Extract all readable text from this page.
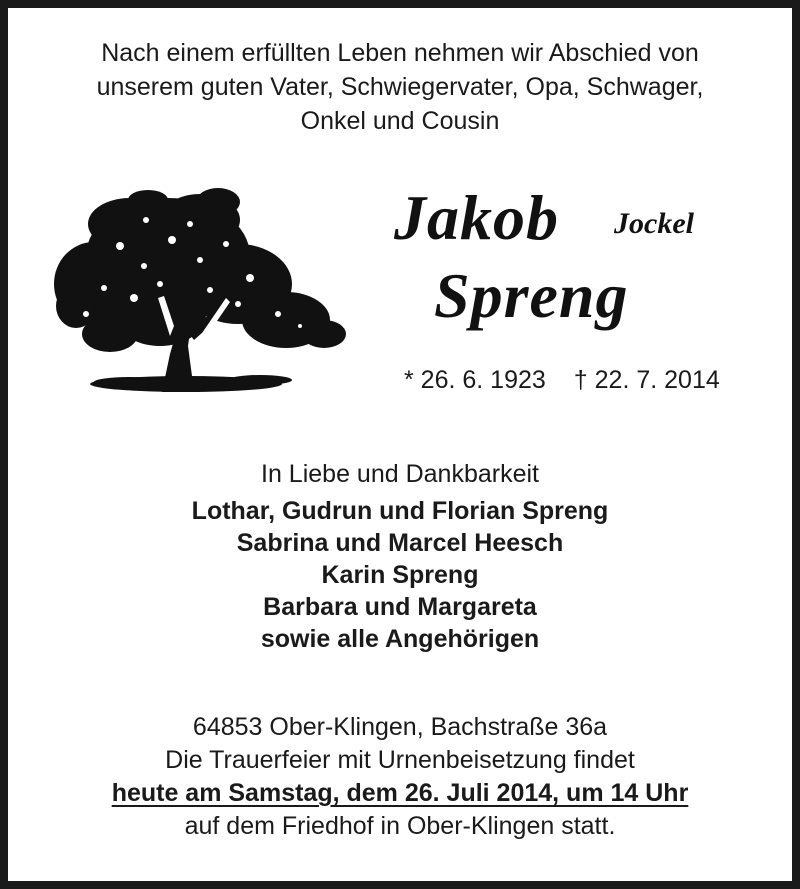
Nach einem erfüllten Leben nehmen wir Abschied von
unserem guten Vater, Schwiegervater, Opa, Schwager,
Onkel und Cousin
Jakob Jockel
Spreng
* 26. 6. 1923 † 22. 7. 2014
In Liebe und Dankbarkeit
Lothar, Gudrun und Florian Spreng
Sabrina und Marcel Heesch
Karin Spreng
Barbara und Margareta
sowie alle Angehörigen
64853 Ober-Klingen, Bachstraße 36a
Die Trauerfeier mit Urnenbeisetzung findet
heute am Samstag, dem 26. Juli 2014, um 14 Uhr
auf dem Friedhof in Ober-Klingen statt.
